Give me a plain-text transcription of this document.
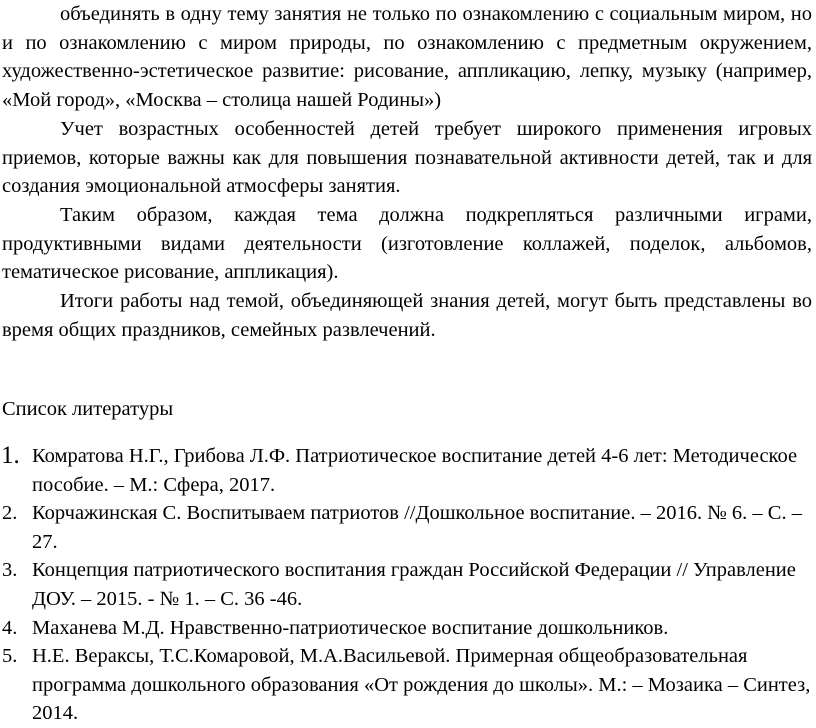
объединять в одну тему занятия не только по ознакомлению с социальным миром, но и по ознакомлению с миром природы, по ознакомлению с предметным окружением, художественно-эстетическое развитие: рисование, аппликацию, лепку, музыку (например, «Мой город», «Москва – столица нашей Родины»)

Учет возрастных особенностей детей требует широкого применения игровых приемов, которые важны как для повышения познавательной активности детей, так и для создания эмоциональной атмосферы занятия.

Таким образом, каждая тема должна подкрепляться различными играми, продуктивными видами деятельности (изготовление коллажей, поделок, альбомов, тематическое рисование, аппликация).

Итоги работы над темой, объединяющей знания детей, могут быть представлены во время общих праздников, семейных развлечений.

Список литературы

1. Комратова Н.Г., Грибова Л.Ф. Патриотическое воспитание детей 4-6 лет: Методическое пособие. – М.: Сфера, 2017.
2. Корчажинская С. Воспитываем патриотов //Дошкольное воспитание. – 2016. № 6. – С. – 27.
3. Концепция патриотического воспитания граждан Российской Федерации // Управление ДОУ. – 2015. - № 1. – С. 36 -46.
4. Маханева М.Д. Нравственно-патриотическое воспитание дошкольников.
5. Н.Е. Вераксы, Т.С.Комаровой, М.А.Васильевой. Примерная общеобразовательная программа дошкольного образования «От рождения до школы». М.: – Мозаика – Синтез, 2014.
